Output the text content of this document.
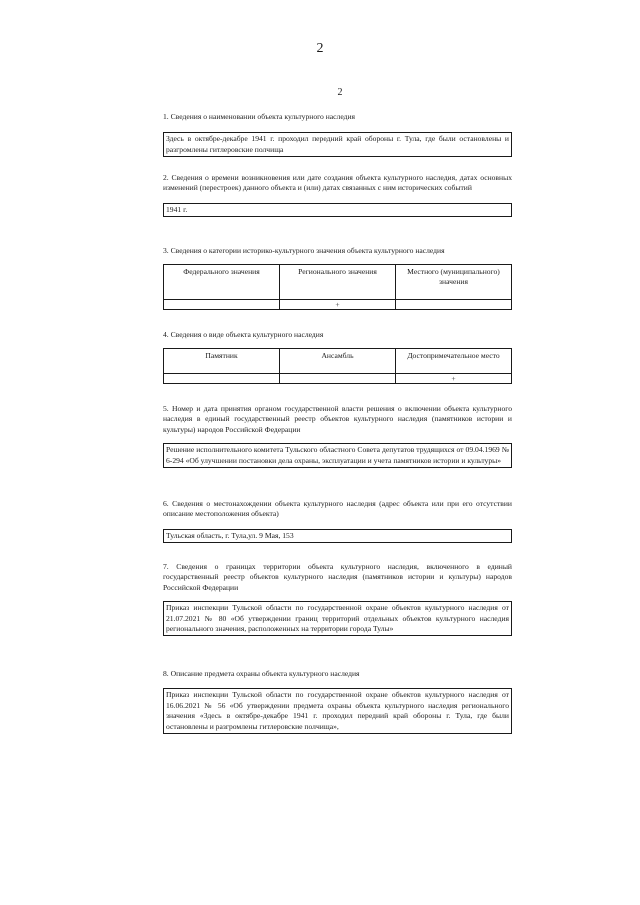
2
2

1. Сведения о наименовании объекта культурного наследия

Здесь в октябре-декабре 1941 г. проходил передний край обороны г. Тула, где были остановлены и разгромлены гитлеровские полчища

2. Сведения о времени возникновения или дате создания объекта культурного наследия, датах основных изменений (перестроек) данного объекта и (или) датах связанных с ним исторических событий

1941 г.

3. Сведения о категории историко-культурного значения объекта культурного наследия

Федерального значения	Регионального значения	Местного (муниципального) значения
	+	

4. Сведения о виде объекта культурного наследия

Памятник	Ансамбль	Достопримечательное место
		+

5. Номер и дата принятия органом государственной власти решения о включении объекта культурного наследия в единый государственный реестр объектов культурного наследия (памятников истории и культуры) народов Российской Федерации

Решение исполнительного комитета Тульского областного Совета депутатов трудящихся от 09.04.1969 № 6-294 «Об улучшении постановки дела охраны, эксплуатации и учета памятников истории и культуры»

6. Сведения о местонахождении объекта культурного наследия (адрес объекта или при его отсутствии описание местоположения объекта)

Тульская область, г. Тула,ул. 9 Мая, 153

7. Сведения о границах территории объекта культурного наследия, включенного в единый государственный реестр объектов культурного наследия (памятников истории и культуры) народов Российской Федерации

Приказ инспекции Тульской области по государственной охране объектов культурного наследия от 21.07.2021 № 80 «Об утверждении границ территорий отдельных объектов культурного наследия регионального значения, расположенных на территории города Тулы»

8. Описание предмета охраны объекта культурного наследия

Приказ инспекции Тульской области по государственной охране объектов культурного наследия от 16.06.2021 № 56 «Об утверждении предмета охраны объекта культурного наследия регионального значения «Здесь в октябре-декабре 1941 г. проходил передний край обороны г. Тула, где были остановлены и разгромлены гитлеровские полчища»,
